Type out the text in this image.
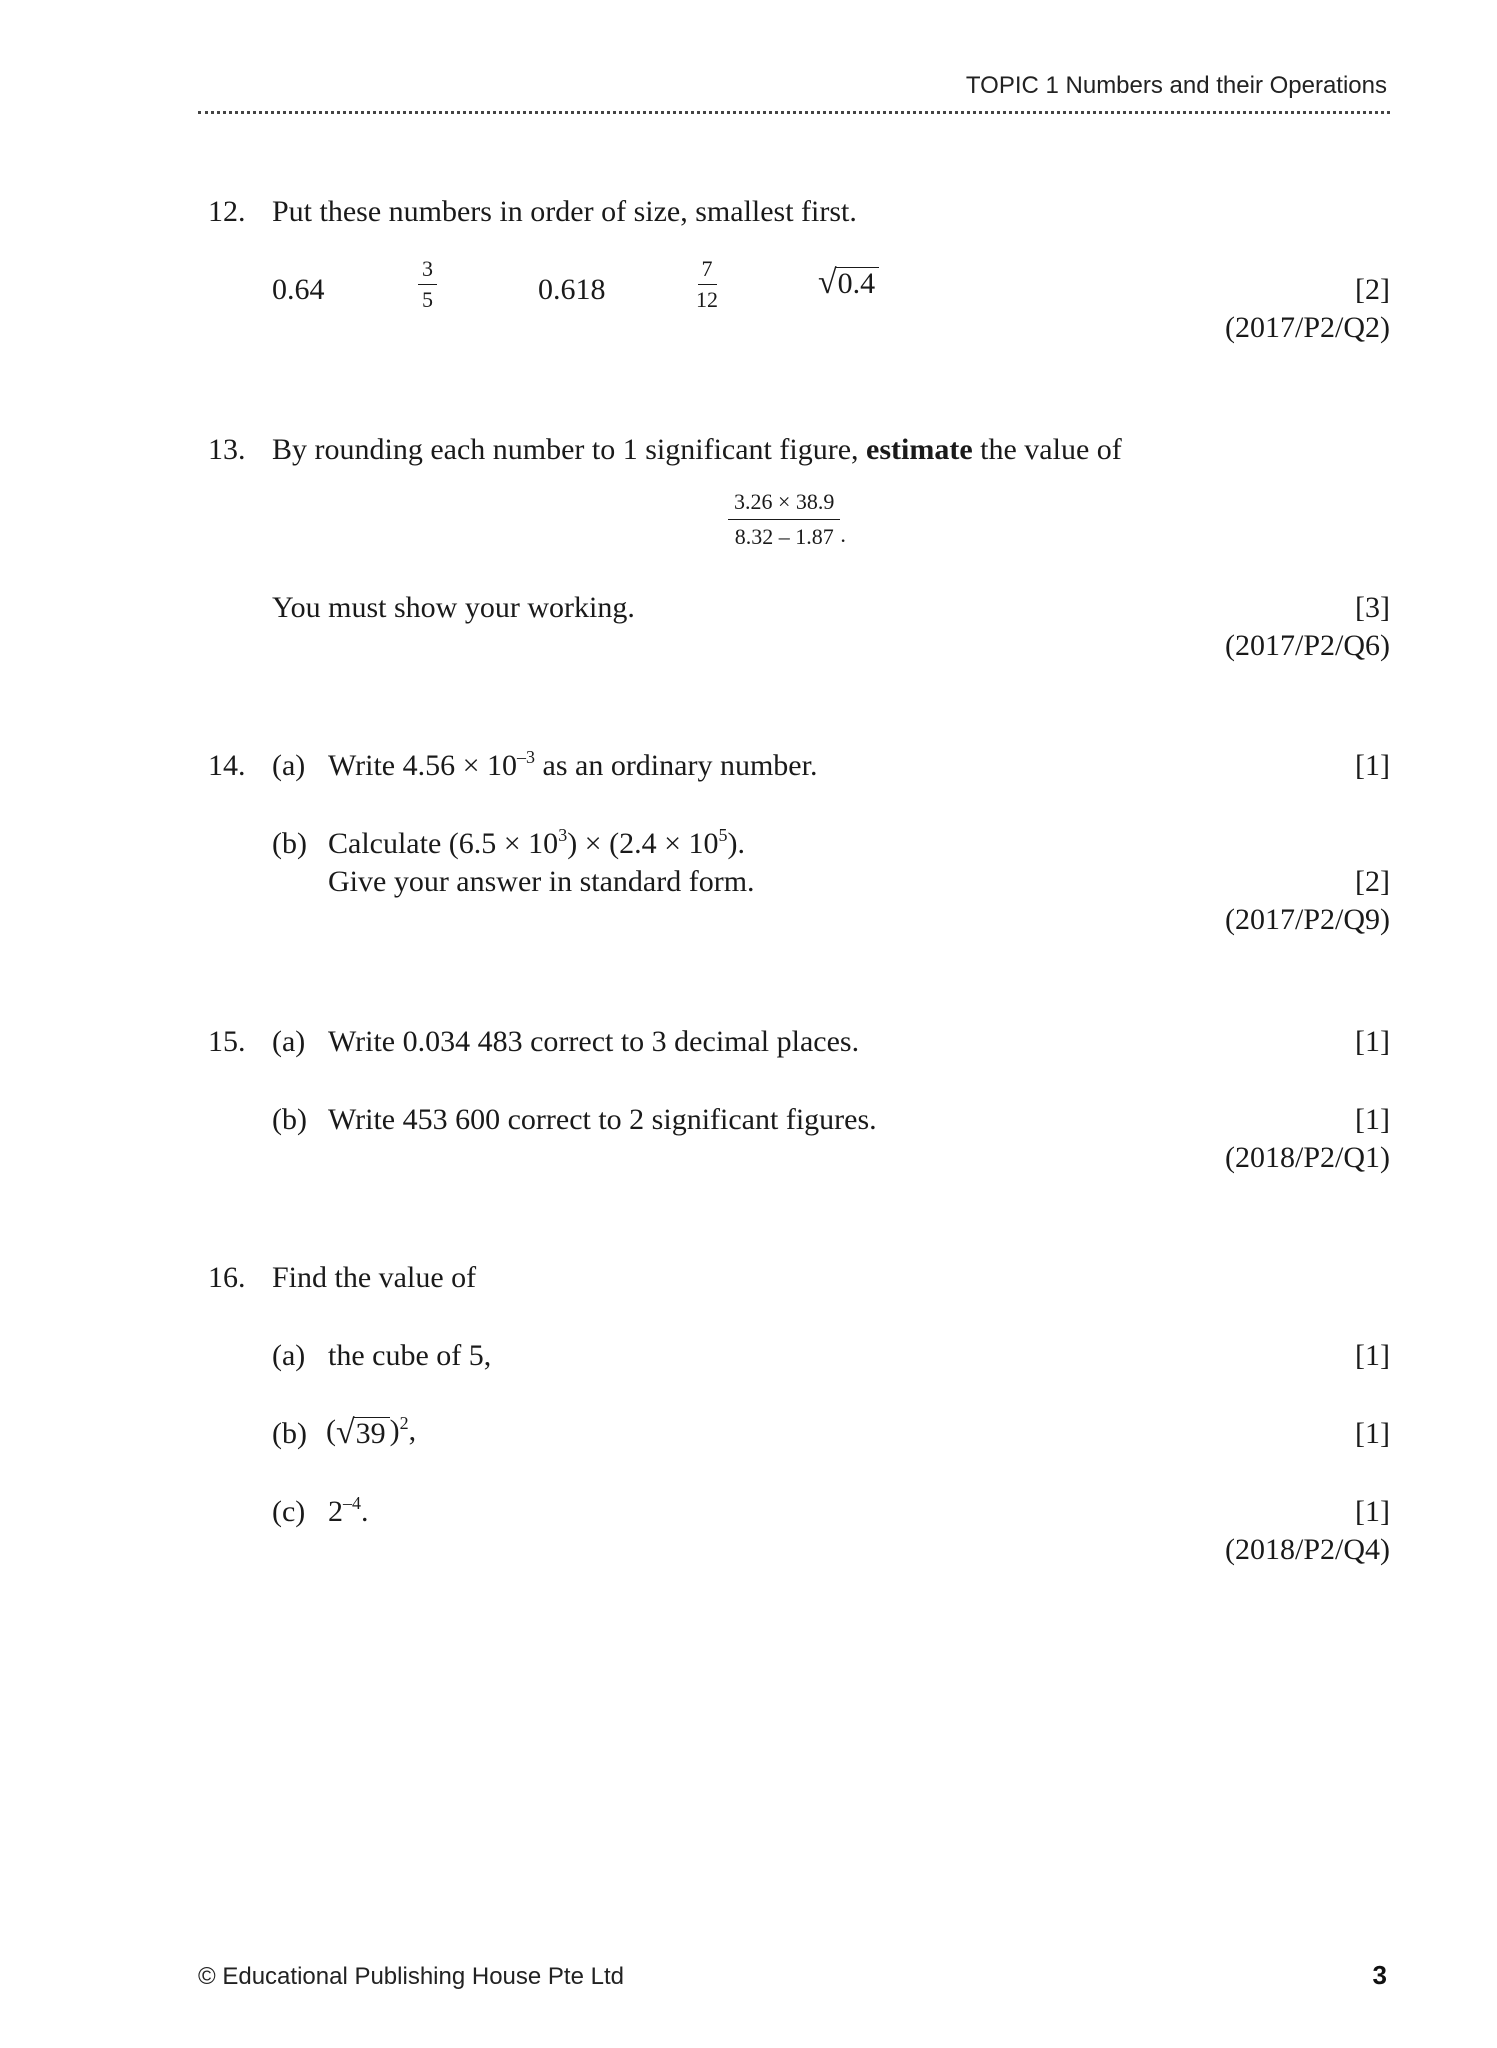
TOPIC 1 Numbers and their Operations
12. Put these numbers in order of size, smallest first.
0.64	$\frac{3}{5}$	0.618	$\frac{7}{12}$	√ 0.4	[2]
(2017/P2/Q2)
13. By rounding each number to 1 significant figure, estimate the value of
$\frac{3.26 \times 38.9}{8.32 - 1.87}$ .
You must show your working.	[3]
(2017/P2/Q6)
14. (a) Write $4.56 \times 10^{-3}$ as an ordinary number.	[1]
(b) Calculate $(6.5 \times 10^3) \times (2.4 \times 10^5)$.
Give your answer in standard form.	[2]
(2017/P2/Q9)
15. (a) Write 0.034 483 correct to 3 decimal places.	[1]
(b) Write 453 600 correct to 2 significant figures.	[1]
(2018/P2/Q1)
16. Find the value of
(a) the cube of 5,	[1]
(b) ( √ 39 ) 2 ,	[1]
(c) $2^{-4}$.	[1]
(2018/P2/Q4)
© Educational Publishing House Pte Ltd	3
